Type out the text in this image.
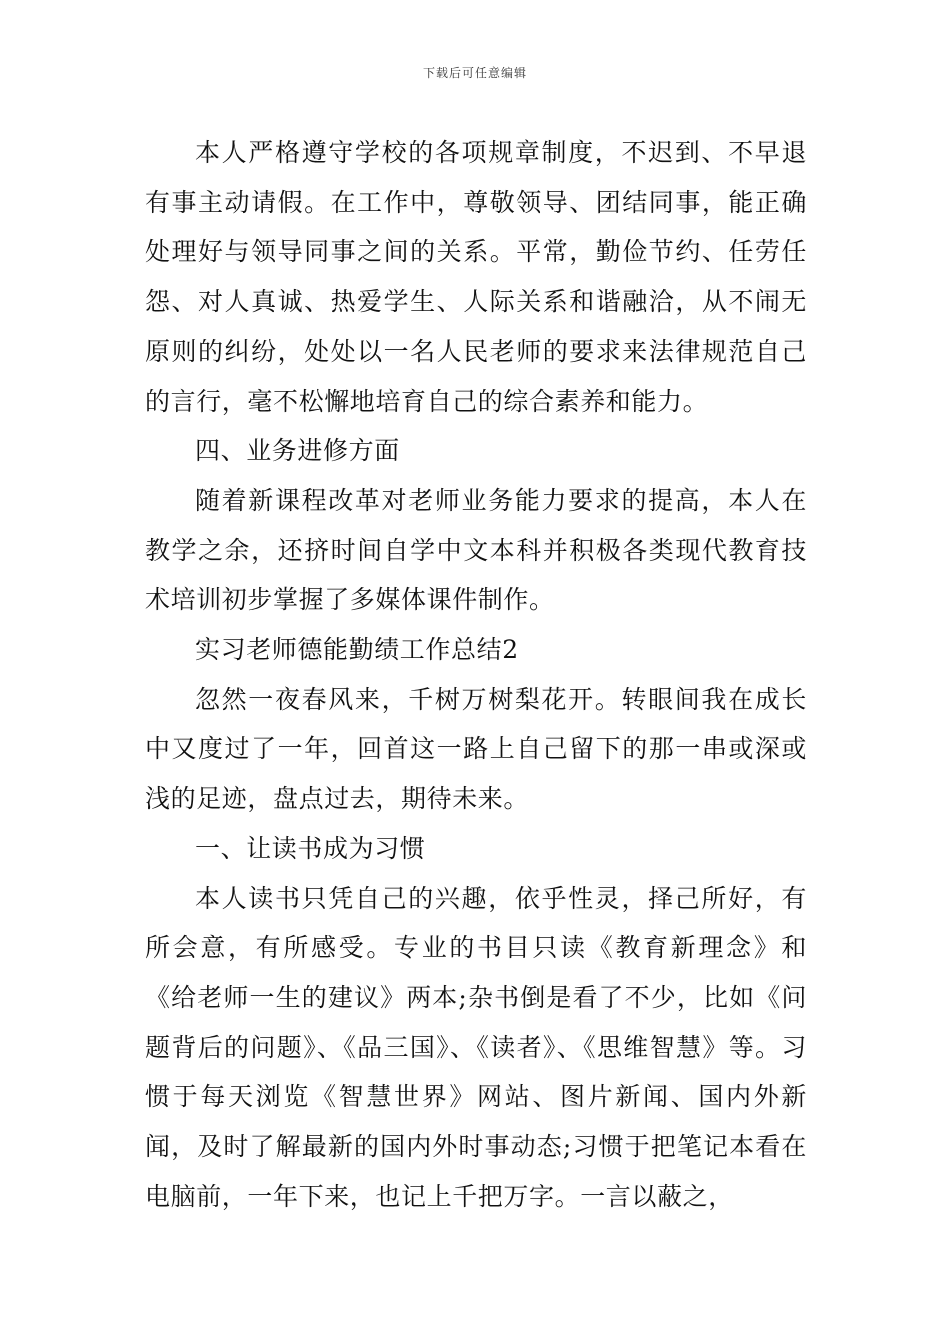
下载后可任意编辑

本人严格遵守学校的各项规章制度，不迟到、不早退有事主动请假。在工作中，尊敬领导、团结同事，能正确处理好与领导同事之间的关系。平常，勤俭节约、任劳任怨、对人真诚、热爱学生、人际关系和谐融洽，从不闹无原则的纠纷，处处以一名人民老师的要求来法律规范自己的言行，毫不松懈地培育自己的综合素养和能力。

四、业务进修方面

随着新课程改革对老师业务能力要求的提高，本人在教学之余，还挤时间自学中文本科并积极各类现代教育技术培训初步掌握了多媒体课件制作。

实习老师德能勤绩工作总结2

忽然一夜春风来，千树万树梨花开。转眼间我在成长中又度过了一年，回首这一路上自己留下的那一串或深或浅的足迹，盘点过去，期待未来。

一、让读书成为习惯

本人读书只凭自己的兴趣，依乎性灵，择己所好，有所会意，有所感受。专业的书目只读《教育新理念》和《给老师一生的建议》两本;杂书倒是看了不少，比如《问题背后的问题》、《品三国》、《读者》、《思维智慧》等。习惯于每天浏览《智慧世界》网站、图片新闻、国内外新闻，及时了解最新的国内外时事动态;习惯于把笔记本看在电脑前，一年下来，也记上千把万字。一言以蔽之，
